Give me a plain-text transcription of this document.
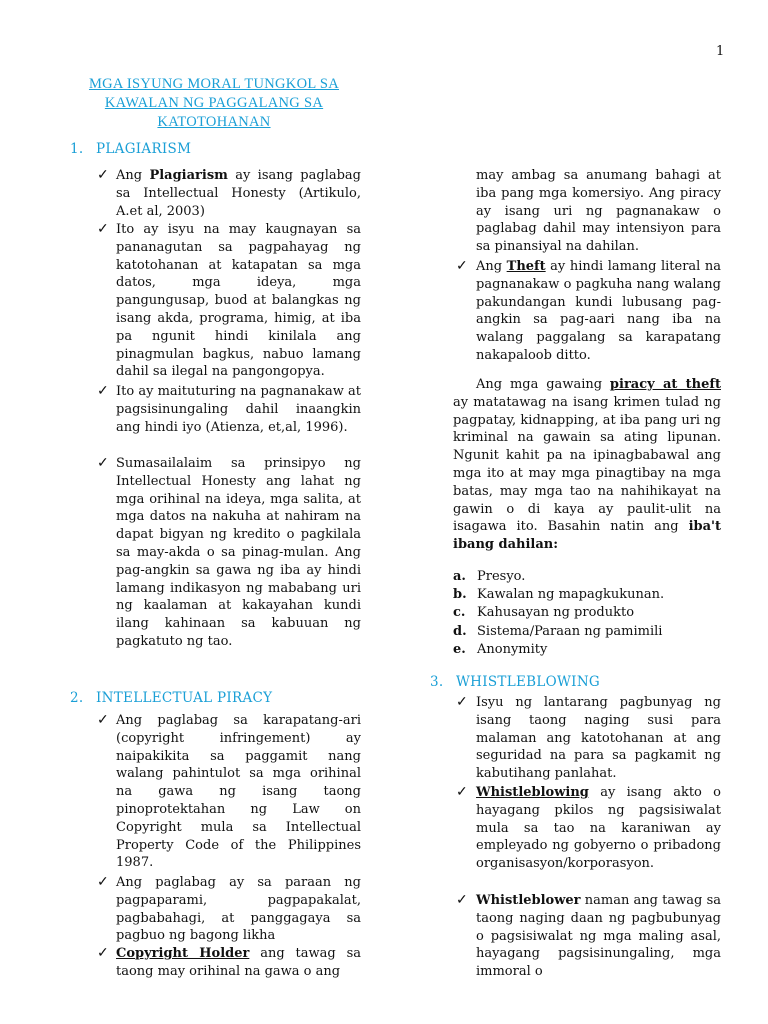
1
MGA ISYUNG MORAL TUNGKOL SA
KAWALAN NG PAGGALANG SA
KATOTOHANAN
1. PLAGIARISM
✓ Ang Plagiarism ay isang paglabag sa Intellectual Honesty (Artikulo, A.et al, 2003)
✓ Ito ay isyu na may kaugnayan sa pananagutan sa pagpahayag ng katotohanan at katapatan sa mga datos, mga ideya, mga pangungusap, buod at balangkas ng isang akda, programa, himig, at iba pa ngunit hindi kinilala ang pinagmulan bagkus, nabuo lamang dahil sa ilegal na pangongopya.
✓ Ito ay maituturing na pagnanakaw at pagsisinungaling dahil inaangkin ang hindi iyo (Atienza, et,al, 1996).
✓ Sumasailalaim sa prinsipyo ng Intellectual Honesty ang lahat ng mga orihinal na ideya, mga salita, at mga datos na nakuha at nahiram na dapat bigyan ng kredito o pagkilala sa may-akda o sa pinag-mulan. Ang pag-angkin sa gawa ng iba ay hindi lamang indikasyon ng mababang uri ng kaalaman at kakayahan kundi ilang kahinaan sa kabuuan ng pagkatuto ng tao.
2. INTELLECTUAL PIRACY
✓ Ang paglabag sa karapatang-ari (copyright infringement) ay naipakikita sa paggamit nang walang pahintulot sa mga orihinal na gawa ng isang taong pinoprotektahan ng Law on Copyright mula sa Intellectual Property Code of the Philippines 1987.
✓ Ang paglabag ay sa paraan ng pagpaparami, pagpapakalat, pagbabahagi, at panggagaya sa pagbuo ng bagong likha
✓ Copyright Holder ang tawag sa taong may orihinal na gawa o ang
may ambag sa anumang bahagi at iba pang mga komersiyo. Ang piracy ay isang uri ng pagnanakaw o paglabag dahil may intensiyon para sa pinansiyal na dahilan.
✓ Ang Theft ay hindi lamang literal na pagnanakaw o pagkuha nang walang pakundangan kundi lubusang pag-angkin sa pag-aari nang iba na walang paggalang sa karapatang nakapaloob ditto.
Ang mga gawaing piracy at theft ay matatawag na isang krimen tulad ng pagpatay, kidnapping, at iba pang uri ng kriminal na gawain sa ating lipunan. Ngunit kahit pa na ipinagbabawal ang mga ito at may mga pinagtibay na mga batas, may mga tao na nahihikayat na gawin o di kaya ay paulit-ulit na isagawa ito. Basahin natin ang iba't ibang dahilan:
a. Presyo.
b. Kawalan ng mapagkukunan.
c. Kahusayan ng produkto
d. Sistema/Paraan ng pamimili
e. Anonymity
3. WHISTLEBLOWING
✓ Isyu ng lantarang pagbunyag ng isang taong naging susi para malaman ang katotohanan at ang seguridad na para sa pagkamit ng kabutihang panlahat.
✓ Whistleblowing ay isang akto o hayagang pkilos ng pagsisiwalat mula sa tao na karaniwan ay empleyado ng gobyerno o pribadong organisasyon/korporasyon.
✓ Whistleblower naman ang tawag sa taong naging daan ng pagbubunyag o pagsisiwalat ng mga maling asal, hayagang pagsisinungaling, mga immoral o
